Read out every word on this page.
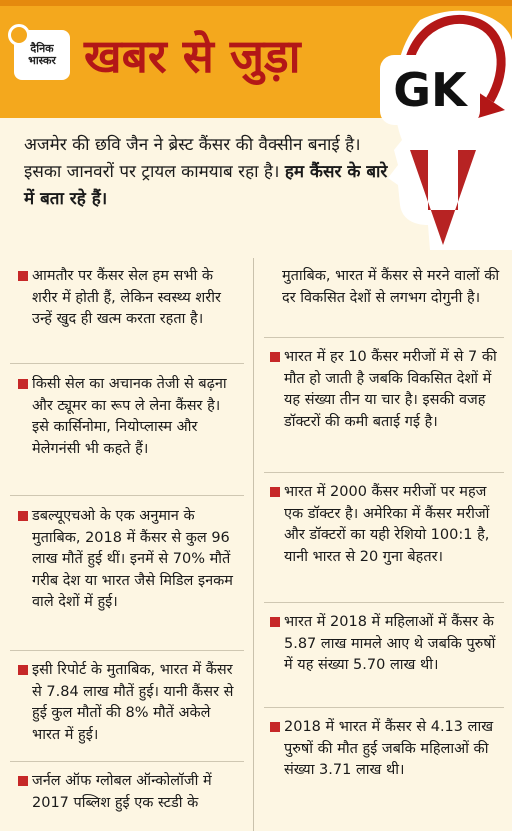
दैनिक
भास्कर खबर से जुड़ा
GK
अजमेर की छवि जैन ने ब्रेस्ट कैंसर की वैक्सीन बनाई है। इसका जानवरों पर ट्रायल कामयाब रहा है। हम कैंसर के बारे में बता रहे हैं।
आमतौर पर कैंसर सेल हम सभी के शरीर में होती हैं, लेकिन स्वस्थ्य शरीर उन्हें खुद ही खत्म करता रहता है।
किसी सेल का अचानक तेजी से बढ़ना और ट्यूमर का रूप ले लेना कैंसर है। इसे कार्सिनोमा, नियोप्लास्म और मेलेगनंसी भी कहते हैं।
डबल्यूएचओ के एक अनुमान के मुताबिक, 2018 में कैंसर से कुल 96 लाख मौतें हुई थीं। इनमें से 70% मौतें गरीब देश या भारत जैसे मिडिल इनकम वाले देशों में हुई।
इसी रिपोर्ट के मुताबिक, भारत में कैंसर से 7.84 लाख मौतें हुई। यानी कैंसर से हुई कुल मौतों की 8% मौतें अकेले भारत में हुई।
जर्नल ऑफ ग्लोबल ऑन्कोलॉजी में 2017 पब्लिश हुई एक स्टडी के
मुताबिक, भारत में कैंसर से मरने वालों की दर विकसित देशों से लगभग दोगुनी है।
भारत में हर 10 कैंसर मरीजों में से 7 की मौत हो जाती है जबकि विकसित देशों में यह संख्या तीन या चार है। इसकी वजह डॉक्टरों की कमी बताई गई है।
भारत में 2000 कैंसर मरीजों पर महज एक डॉक्टर है। अमेरिका में कैंसर मरीजों और डॉक्टरों का यही रेशियो 100:1 है, यानी भारत से 20 गुना बेहतर।
भारत में 2018 में महिलाओं में कैंसर के 5.87 लाख मामले आए थे जबकि पुरुषों में यह संख्या 5.70 लाख थी।
2018 में भारत में कैंसर से 4.13 लाख पुरुषों की मौत हुई जबकि महिलाओं की संख्या 3.71 लाख थी।
